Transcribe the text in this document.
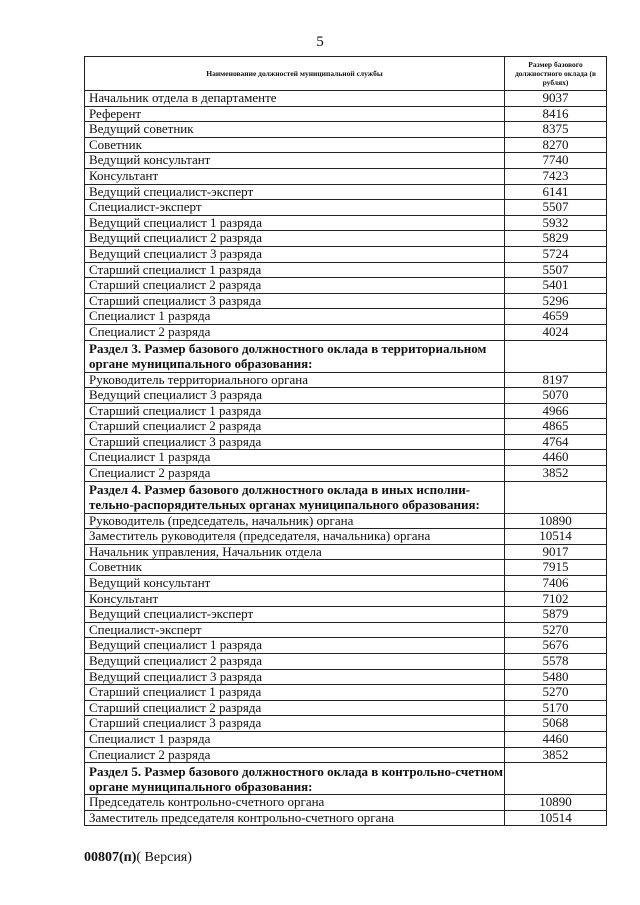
5
Наименование должностей муниципальной службы	Размер базового должностного оклада (в рублях)
Начальник отдела в департаменте	9037
Референт	8416
Ведущий советник	8375
Советник	8270
Ведущий консультант	7740
Консультант	7423
Ведущий специалист-эксперт	6141
Специалист-эксперт	5507
Ведущий специалист 1 разряда	5932
Ведущий специалист 2 разряда	5829
Ведущий специалист 3 разряда	5724
Старший специалист 1 разряда	5507
Старший специалист 2 разряда	5401
Старший специалист 3 разряда	5296
Специалист 1 разряда	4659
Специалист 2 разряда	4024
Раздел 3. Размер базового должностного оклада в территориальном органе муниципального образования:	
Руководитель территориального органа	8197
Ведущий специалист 3 разряда	5070
Старший специалист 1 разряда	4966
Старший специалист 2 разряда	4865
Старший специалист 3 разряда	4764
Специалист 1 разряда	4460
Специалист 2 разряда	3852
Раздел 4. Размер базового должностного оклада в иных исполни-тельно-распорядительных органах муниципального образования:	
Руководитель (председатель, начальник) органа	10890
Заместитель руководителя (председателя, начальника) органа	10514
Начальник управления, Начальник отдела	9017
Советник	7915
Ведущий консультант	7406
Консультант	7102
Ведущий специалист-эксперт	5879
Специалист-эксперт	5270
Ведущий специалист 1 разряда	5676
Ведущий специалист 2 разряда	5578
Ведущий специалист 3 разряда	5480
Старший специалист 1 разряда	5270
Старший специалист 2 разряда	5170
Старший специалист 3 разряда	5068
Специалист 1 разряда	4460
Специалист 2 разряда	3852
Раздел 5. Размер базового должностного оклада в контрольно-счетном органе муниципального образования:	
Председатель контрольно-счетного органа	10890
Заместитель председателя контрольно-счетного органа	10514
00807(п)( Версия)
